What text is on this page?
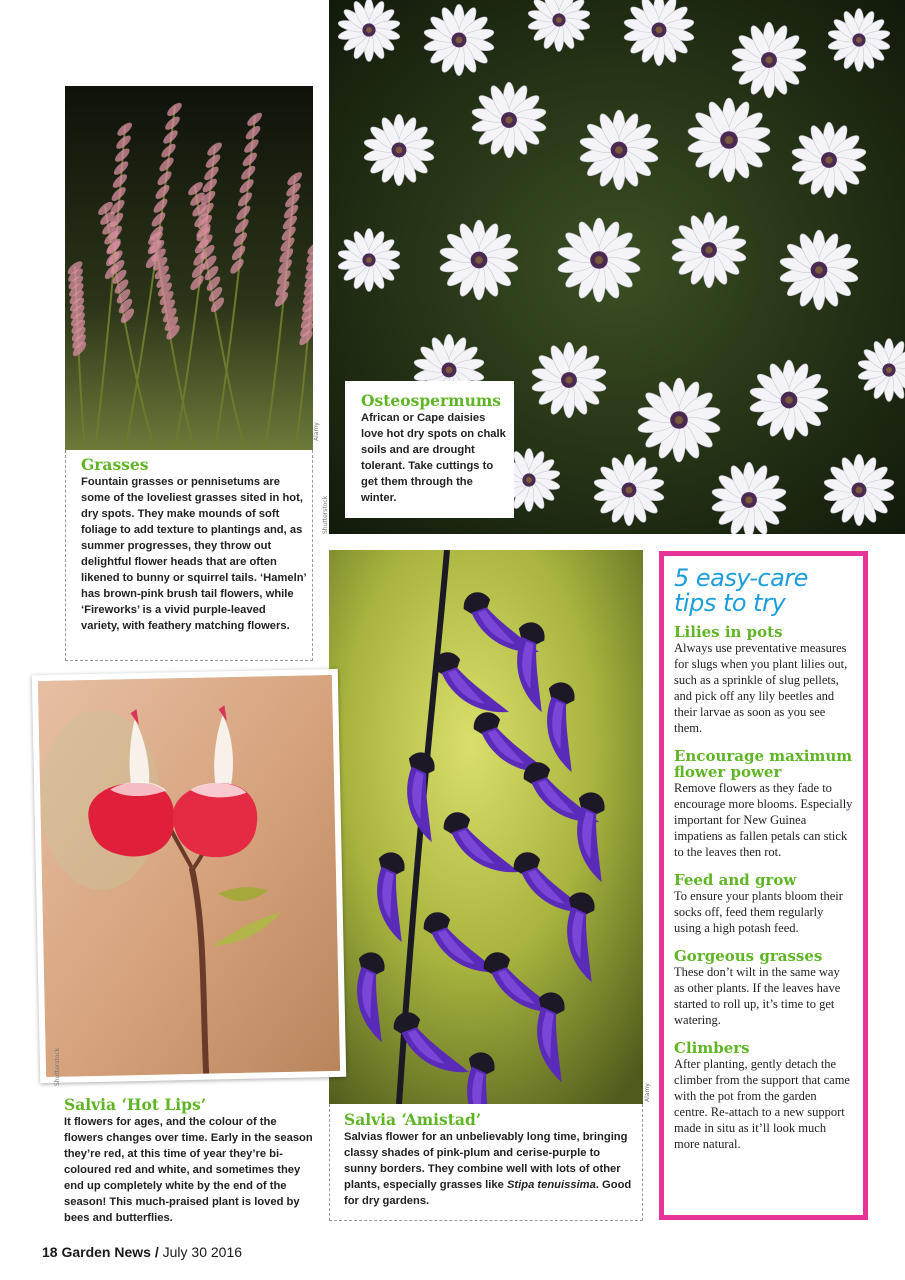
Alamy
Grasses
Fountain grasses or pennisetums are some of the loveliest grasses sited in hot, dry spots. They make mounds of soft foliage to add texture to plantings and, as summer progresses, they throw out delightful flower heads that are often likened to bunny or squirrel tails. ‘Hameln’ has brown-pink brush tail flowers, while ‘Fireworks’ is a vivid purple-leaved variety, with feathery matching flowers.
Osteospermums
African or Cape daisies love hot dry spots on chalk soils and are drought tolerant. Take cuttings to get them through the winter.
Shutterstock
Alamy
Salvia ‘Amistad’
Salvias flower for an unbelievably long time, bringing classy shades of pink-plum and cerise-purple to sunny borders. They combine well with lots of other plants, especially grasses like Stipa tenuissima. Good for dry gardens.
Shutterstock
Salvia ‘Hot Lips’
It flowers for ages, and the colour of the flowers changes over time. Early in the season they’re red, at this time of year they’re bi-coloured red and white, and sometimes they end up completely white by the end of the season! This much-praised plant is loved by bees and butterflies.
5 easy-care
tips to try
Lilies in pots
Always use preventative measures for slugs when you plant lilies out, such as a sprinkle of slug pellets, and pick off any lily beetles and their larvae as soon as you see them.
Encourage maximum flower power
Remove flowers as they fade to encourage more blooms. Especially important for New Guinea impatiens as fallen petals can stick to the leaves then rot.
Feed and grow
To ensure your plants bloom their socks off, feed them regularly using a high potash feed.
Gorgeous grasses
These don’t wilt in the same way as other plants. If the leaves have started to roll up, it’s time to get watering.
Climbers
After planting, gently detach the climber from the support that came with the pot from the garden centre. Re-attach to a new support made in situ as it’ll look much more natural.
18 Garden News / July 30 2016
